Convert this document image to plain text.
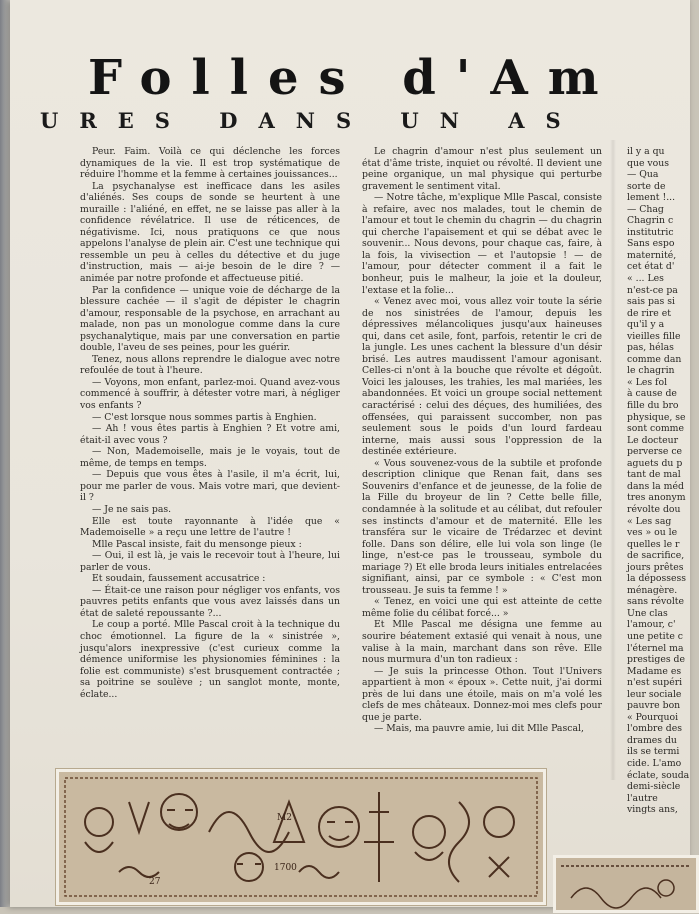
Folles d'Am
URES DANS UN AS

Peur. Faim. Voilà ce qui déclenche les forces dynamiques de la vie. Il est trop systématique de réduire l'homme et la femme à certaines jouissances...

La psychanalyse est inefficace dans les asiles d'aliénés. Ses coups de sonde se heurtent à une muraille : l'aliéné, en effet, ne se laisse pas aller à la confidence révélatrice. Il use de réticences, de négativisme. Ici, nous pratiquons ce que nous appelons l'analyse de plein air. C'est une technique qui ressemble un peu à celles du détective et du juge d'instruction, mais — ai-je besoin de le dire ? — animée par notre profonde et affectueuse pitié.

Par la confidence — unique voie de décharge de la blessure cachée — il s'agit de dépister le chagrin d'amour, responsable de la psychose, en arrachant au malade, non pas un monologue comme dans la cure psychanalytique, mais par une conversation en partie double, l'aveu de ses peines, pour les guérir.

Tenez, nous allons reprendre le dialogue avec notre refoulée de tout à l'heure.

— Voyons, mon enfant, parlez-moi. Quand avez-vous commencé à souffrir, à détester votre mari, à négliger vos enfants ?

— C'est lorsque nous sommes partis à Enghien.

— Ah ! vous êtes partis à Enghien ? Et votre ami, était-il avec vous ?

— Non, Mademoiselle, mais je le voyais, tout de même, de temps en temps.

— Depuis que vous êtes à l'asile, il m'a écrit, lui, pour me parler de vous. Mais votre mari, que devient-il ?

— Je ne sais pas.

Elle est toute rayonnante à l'idée que « Mademoiselle » a reçu une lettre de l'autre !

Mlle Pascal insiste, fait du mensonge pieux :

— Oui, il est là, je vais le recevoir tout à l'heure, lui parler de vous.

Et soudain, faussement accusatrice :

— Était-ce une raison pour négliger vos enfants, vos pauvres petits enfants que vous avez laissés dans un état de saleté repoussante ?...

Le coup a porté. Mlle Pascal croit à la technique du choc émotionnel. La figure de la « sinistrée », jusqu'alors inexpressive (c'est curieux comme la démence uniformise les physionomies féminines : la folie est communiste) s'est brusquement contractée ; sa poitrine se soulève ; un sanglot monte, monte, éclate...

Le chagrin d'amour n'est plus seulement un état d'âme triste, inquiet ou révolté. Il devient une peine organique, un mal physique qui perturbe gravement le sentiment vital.

— Notre tâche, m'explique Mlle Pascal, consiste à refaire, avec nos malades, tout le chemin de l'amour et tout le chemin du chagrin — du chagrin qui cherche l'apaisement et qui se débat avec le souvenir... Nous devons, pour chaque cas, faire, à la fois, la vivisection — et l'autopsie ! — de l'amour, pour détecter comment il a fait le bonheur, puis le malheur, la joie et la douleur, l'extase et la folie...

« Venez avec moi, vous allez voir toute la série de nos sinistrées de l'amour, depuis les dépressives mélancoliques jusqu'aux haineuses qui, dans cet asile, font, parfois, retentir le cri de la jungle. Les unes cachent la blessure d'un désir brisé. Les autres maudissent l'amour agonisant. Celles-ci n'ont à la bouche que révolte et dégoût. Voici les jalouses, les trahies, les mal mariées, les abandonnées. Et voici un groupe social nettement caractérisé : celui des déçues, des humiliées, des offensées, qui paraissent succomber, non pas seulement sous le poids d'un lourd fardeau interne, mais aussi sous l'oppression de la destinée extérieure.

« Vous souvenez-vous de la subtile et profonde description clinique que Renan fait, dans ses Souvenirs d'enfance et de jeunesse, de la folie de la Fille du broyeur de lin ? Cette belle fille, condamnée à la solitude et au célibat, dut refouler ses instincts d'amour et de maternité. Elle les transféra sur le vicaire de Trédarzec et devint folle. Dans son délire, elle lui vola son linge (le linge, n'est-ce pas le trousseau, symbole du mariage ?) Et elle broda leurs initiales entrelacées signifiant, ainsi, par ce symbole : « C'est mon trousseau. Je suis ta femme ! »

« Tenez, en voici une qui est atteinte de cette même folie du célibat forcé... »

Et Mlle Pascal me désigna une femme au sourire béatement extasié qui venait à nous, une valise à la main, marchant dans son rêve. Elle nous murmura d'un ton radieux :

— Je suis la princesse Othon. Tout l'Univers appartient à mon « époux ». Cette nuit, j'ai dormi près de lui dans une étoile, mais on m'a volé les clefs de mes châteaux. Donnez-moi mes clefs pour que je parte.

— Mais, ma pauvre amie, lui dit Mlle Pascal,

il y a qu

que vous

— Qua

sorte de

lement !...

— Chag

Chagrin c

institutric

Sans espo

maternité,

cet état d'

« ... Les

n'est-ce pa

sais pas si

de rire et

qu'il y a

vieilles fille

pas, hélas

comme dan

le chagrin

« Les fol

à cause de

fille du bro

physique, se

sont comme

Le docteur

perverse ce

aguets du p

tant de mal

dans la méd

tres anonym

révolte dou

« Les sag

ves » ou le

quelles le r

de sacrifice,

jours prêtes

la dépossess

ménagère.

sans révolte

Une clas

l'amour, c'

une petite c

l'éternel ma

prestiges de

Madame es

n'est supéri

leur sociale

pauvre bon

« Pourquoi

l'ombre des

drames du

ils se termi

cide. L'amo

éclate, souda

demi-siècle

l'autre

vingts ans,

27
1700
M2
